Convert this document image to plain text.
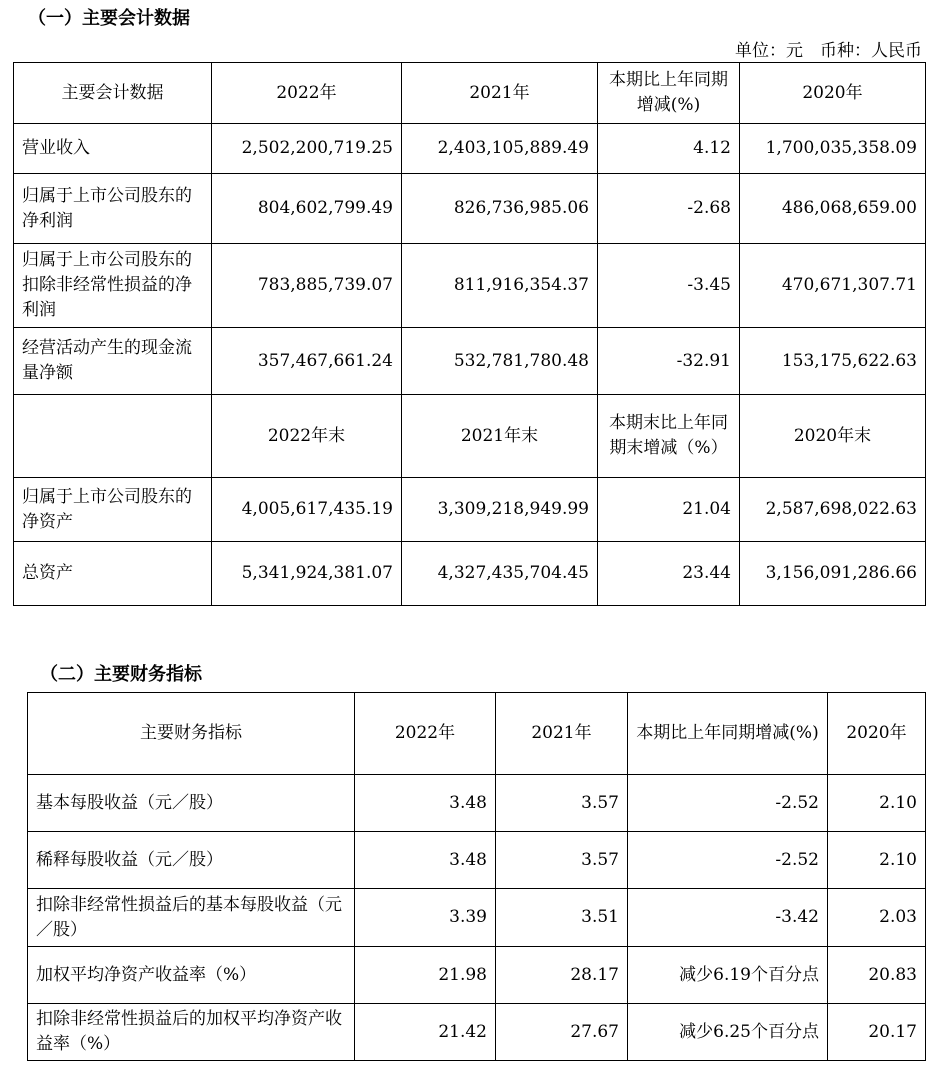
（一）主要会计数据
单位：元　币种：人民币
主要会计数据	2022年	2021年	本期比上年同期增减(%)	2020年
营业收入	2,502,200,719.25	2,403,105,889.49	4.12	1,700,035,358.09
归属于上市公司股东的净利润	804,602,799.49	826,736,985.06	-2.68	486,068,659.00
归属于上市公司股东的扣除非经常性损益的净利润	783,885,739.07	811,916,354.37	-3.45	470,671,307.71
经营活动产生的现金流量净额	357,467,661.24	532,781,780.48	-32.91	153,175,622.63
	2022年末	2021年末	本期末比上年同期末增减（%）	2020年末
归属于上市公司股东的净资产	4,005,617,435.19	3,309,218,949.99	21.04	2,587,698,022.63
总资产	5,341,924,381.07	4,327,435,704.45	23.44	3,156,091,286.66
（二）主要财务指标
主要财务指标	2022年	2021年	本期比上年同期增减(%)	2020年
基本每股收益（元／股）	3.48	3.57	-2.52	2.10
稀释每股收益（元／股）	3.48	3.57	-2.52	2.10
扣除非经常性损益后的基本每股收益（元／股）	3.39	3.51	-3.42	2.03
加权平均净资产收益率（%）	21.98	28.17	减少6.19个百分点	20.83
扣除非经常性损益后的加权平均净资产收益率（%）	21.42	27.67	减少6.25个百分点	20.17
